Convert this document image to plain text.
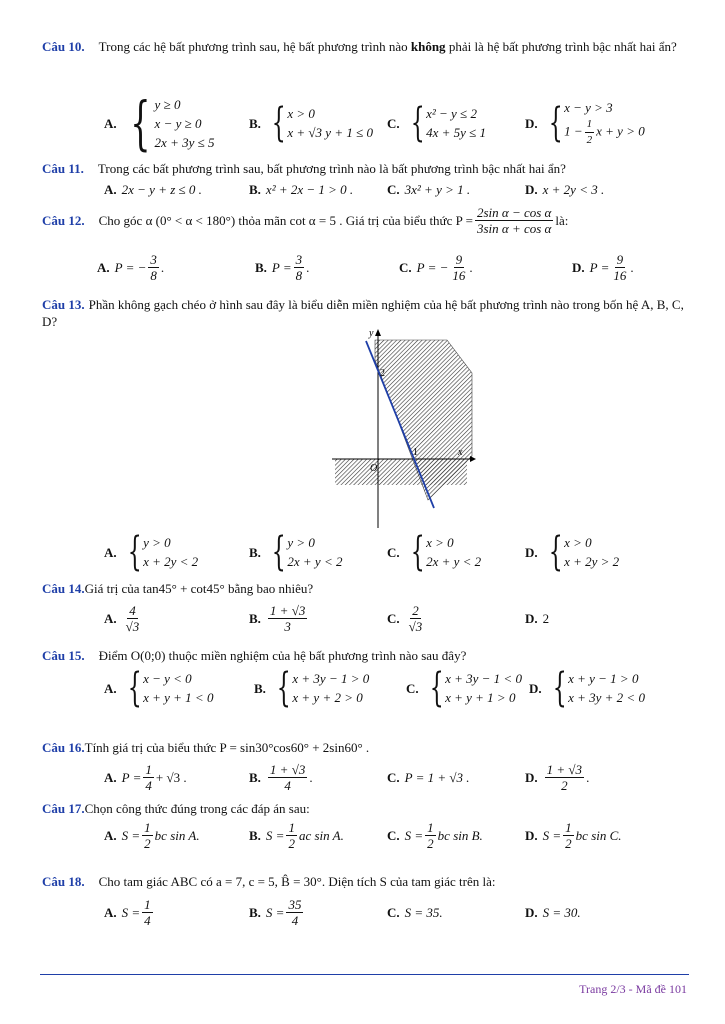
Câu 10. Trong các hệ bất phương trình sau, hệ bất phương trình nào không phải là hệ bất phương trình bậc nhất hai ẩn?
A. { y ≥ 0
x − y ≥ 0
2x + 3y ≤ 5
B. { x > 0
x + √3 y + 1 ≤ 0
C. { x² − y ≤ 2
4x + 5y ≤ 1
D. { x − y > 3
$1 - \frac{1}{2}$ x + y > 0
Câu 11. Trong các bất phương trình sau, bất phương trình nào là bất phương trình bậc nhất hai ẩn?
A. 2x − y + z ≤ 0 .	B. x² + 2x − 1 > 0 .	C. 3x² + y > 1 .	D. x + 2y < 3 .
Câu 12. Cho góc α (0° < α < 180°) thỏa mãn cot α = 5 . Giá trị của biểu thức $P = \frac{\text{2sin α − cos α}}{\text{3sin α + cos α}}$ là:
A. P = − $\frac{3}{8}$ .	B. $P = \frac{3}{8}$ .	C. P = − $\frac{9}{16}$ .	D. $P = \frac{9}{16}$ .
Câu 13. Phần không gạch chéo ở hình sau đây là biểu diễn miền nghiệm của hệ bất phương trình nào trong bốn hệ A, B, C, D?
y
x
O
2
1
A. { y > 0
x + 2y < 2
B. { y > 0
2x + y < 2
C. { x > 0
2x + y < 2
D. { x > 0
x + 2y > 2
Câu 14.Giá trị của tan45° + cot45° bằng bao nhiêu?
A. $\frac{4}{√3}$	B. $\frac{1 + √3}{3}$	C. $\frac{2}{√3}$	D. 2
Câu 15. Điểm O(0;0) thuộc miền nghiệm của hệ bất phương trình nào sau đây?
A. { x − y < 0
x + y + 1 < 0
B. { x + 3y − 1 > 0
x + y + 2 > 0
C. { x + 3y − 1 < 0
x + y + 1 > 0
D. { x + y − 1 > 0
x + 3y + 2 < 0
Câu 16.Tính giá trị của biểu thức P = sin30°cos60° + 2sin60° .
A. $P = \frac{1}{4} + √3$ .	B. $\frac{1 + √3}{4}$ .	C. P = 1 + √3 .	D. $\frac{1 + √3}{2}$ .
Câu 17.Chọn công thức đúng trong các đáp án sau:
A. $S = \frac{1}{2}$ bc sin A.	B. $S = \frac{1}{2}$ ac sin A.	C. $S = \frac{1}{2}$ bc sin B.	D. $S = \frac{1}{2}$ bc sin C.
Câu 18. Cho tam giác ABC có a = 7, c = 5, B̂ = 30°. Diện tích S của tam giác trên là:
A. $S = \frac{1}{4}$	B. $S = \frac{35}{4}$	C. S = 35.	D. S = 30.
Trang 2/3 - Mã đề 101
